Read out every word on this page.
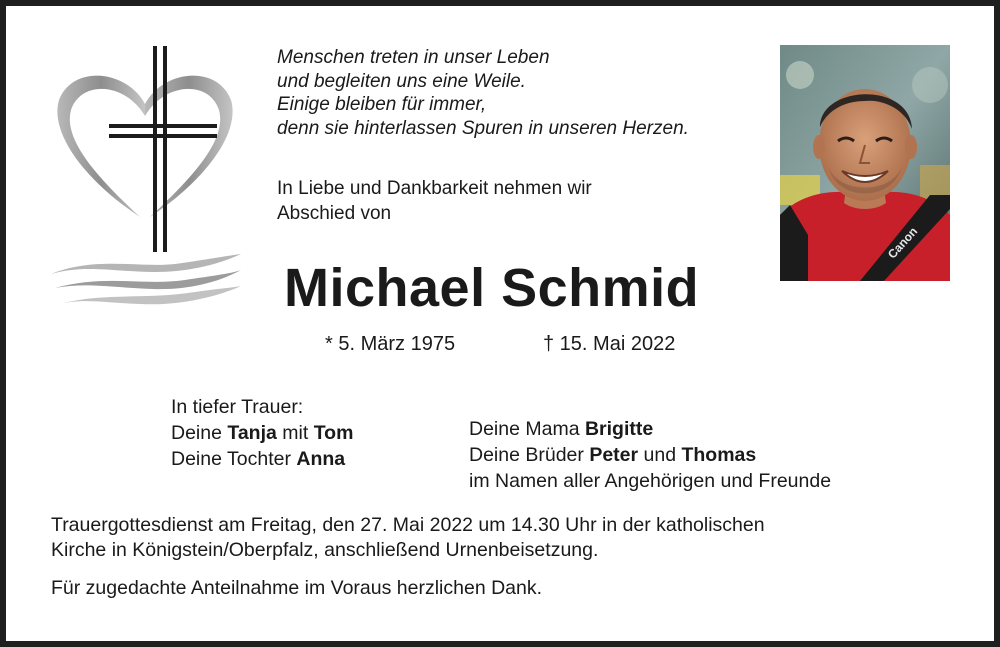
Menschen treten in unser Leben
und begleiten uns eine Weile.
Einige bleiben für immer,
denn sie hinterlassen Spuren in unseren Herzen.
In Liebe und Dankbarkeit nehmen wir
Abschied von
Canon
Michael Schmid
* 5. März 1975	† 15. Mai 2022
In tiefer Trauer:
Deine Tanja mit Tom
Deine Tochter Anna
Deine Mama Brigitte
Deine Brüder Peter und Thomas
im Namen aller Angehörigen und Freunde
Trauergottesdienst am Freitag, den 27. Mai 2022 um 14.30 Uhr in der katholischen
Kirche in Königstein/Oberpfalz, anschließend Urnenbeisetzung.
Für zugedachte Anteilnahme im Voraus herzlichen Dank.
